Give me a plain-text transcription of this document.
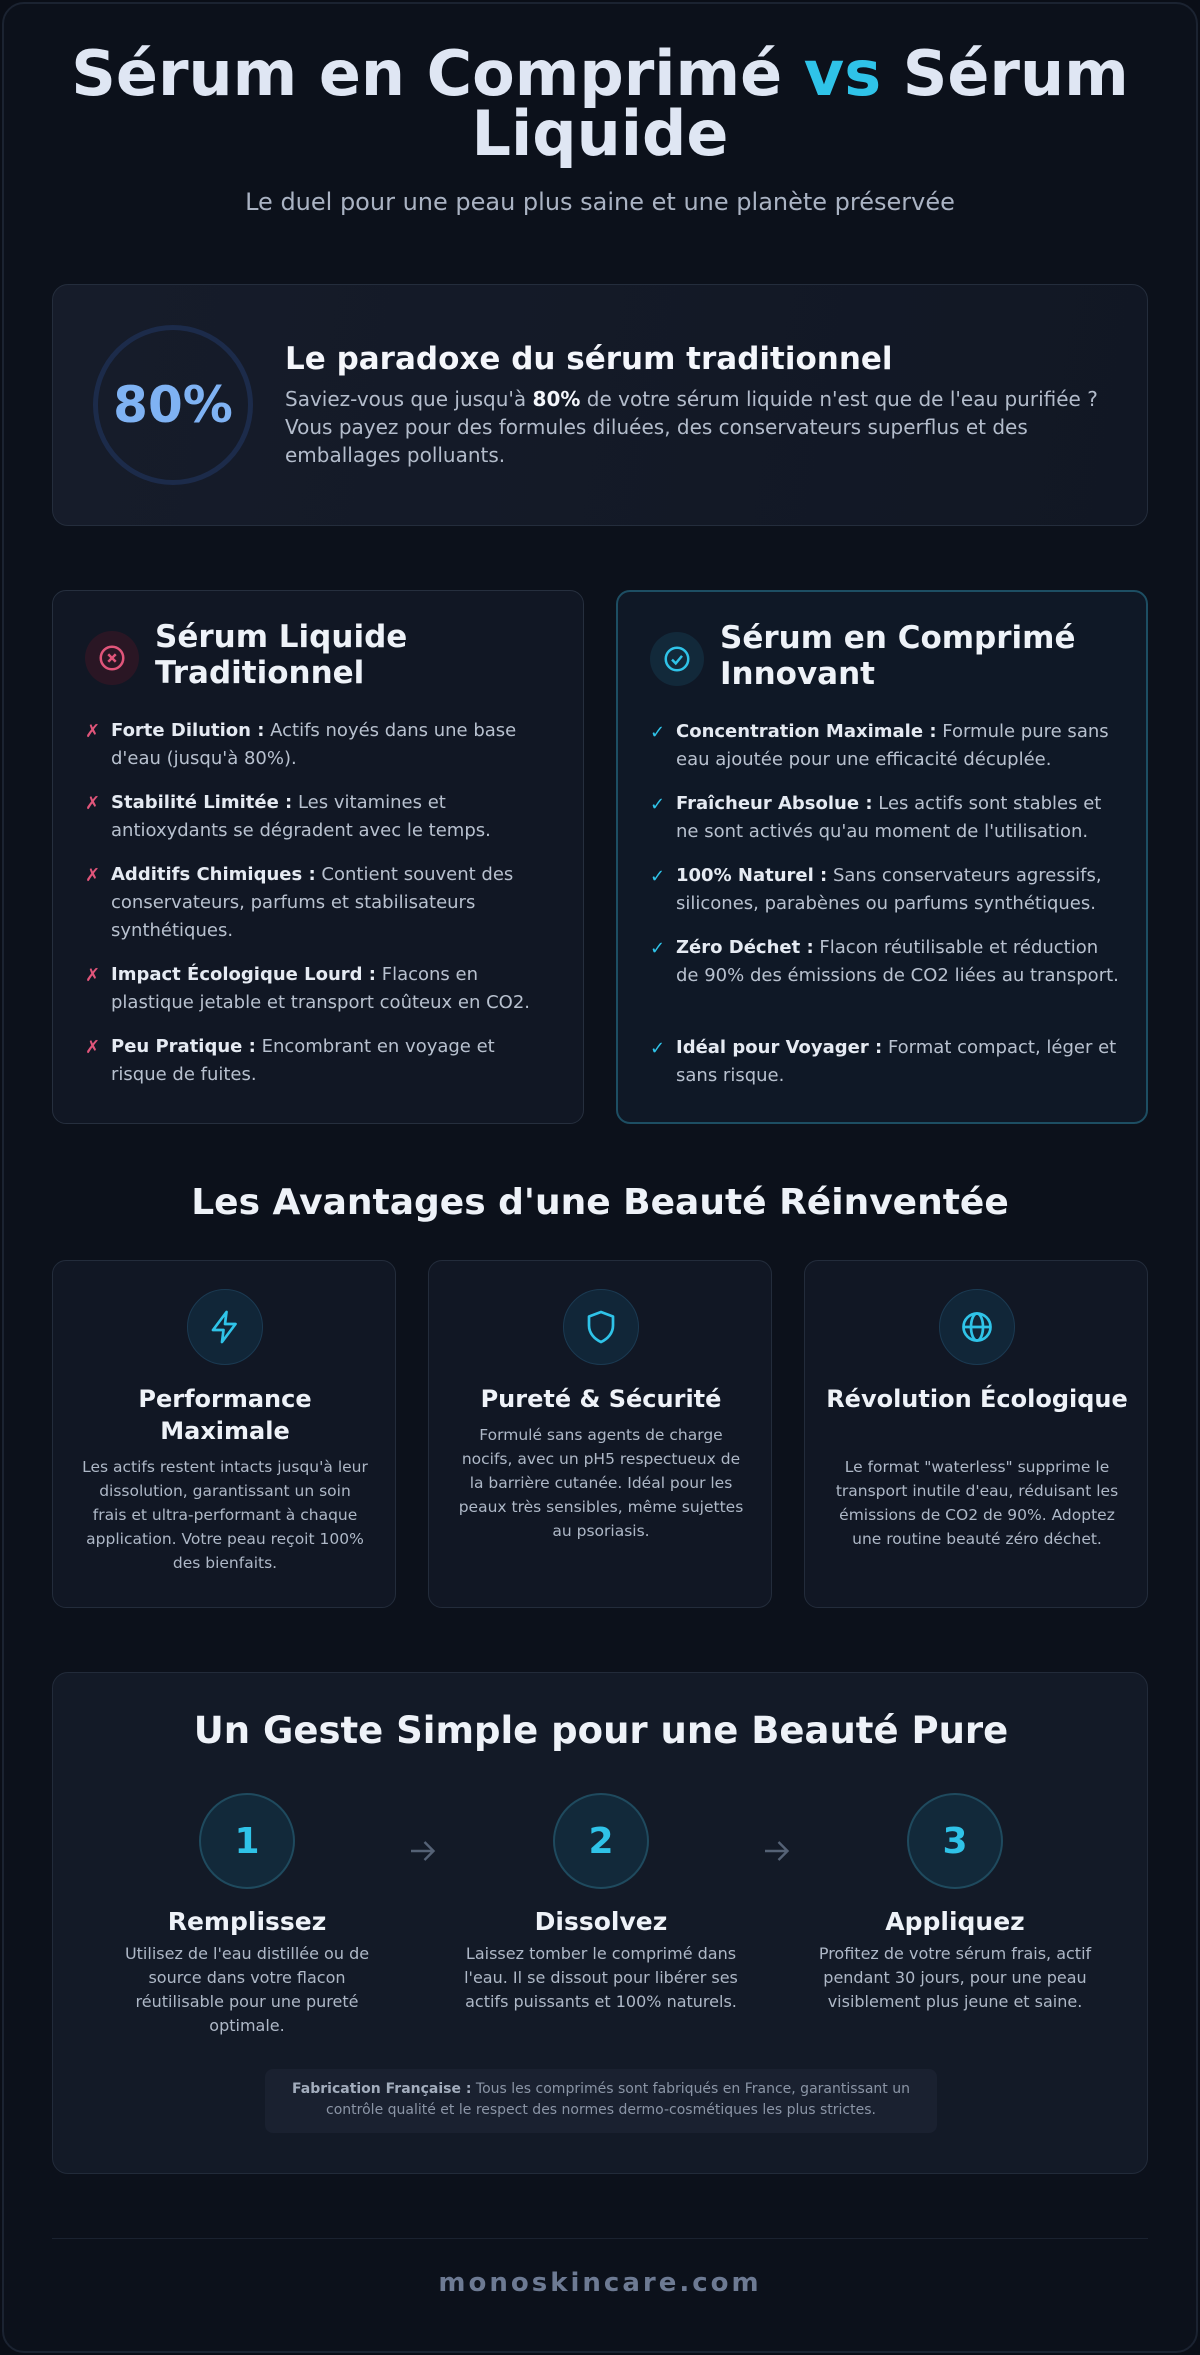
Sérum en Comprimé vs Sérum
Liquide
Le duel pour une peau plus saine et une planète préservée
80%
Le paradoxe du sérum traditionnel

Saviez-vous que jusqu'à 80% de votre sérum liquide n'est que de l'eau purifiée ? Vous payez pour des formules diluées, des conservateurs superflus et des emballages polluants.

Sérum Liquide Traditionnel
✗ Forte Dilution : Actifs noyés dans une base d'eau (jusqu'à 80%).
✗ Stabilité Limitée : Les vitamines et antioxydants se dégradent avec le temps.
✗ Additifs Chimiques : Contient souvent des conservateurs, parfums et stabilisateurs synthétiques.
✗ Impact Écologique Lourd : Flacons en plastique jetable et transport coûteux en CO2.
✗ Peu Pratique : Encombrant en voyage et risque de fuites.
Sérum en Comprimé Innovant
✓ Concentration Maximale : Formule pure sans eau ajoutée pour une efficacité décuplée.
✓ Fraîcheur Absolue : Les actifs sont stables et ne sont activés qu'au moment de l'utilisation.
✓ 100% Naturel : Sans conservateurs agressifs, silicones, parabènes ou parfums synthétiques.
✓ Zéro Déchet : Flacon réutilisable et réduction de 90% des émissions de CO2 liées au transport.
✓ Idéal pour Voyager : Format compact, léger et sans risque.
Les Avantages d'une Beauté Réinventée
Performance Maximale

Les actifs restent intacts jusqu'à leur dissolution, garantissant un soin frais et ultra-performant à chaque application. Votre peau reçoit 100% des bienfaits.

Pureté & Sécurité

Formulé sans agents de charge nocifs, avec un pH5 respectueux de la barrière cutanée. Idéal pour les peaux très sensibles, même sujettes au psoriasis.

Révolution Écologique

Le format "waterless" supprime le transport inutile d'eau, réduisant les émissions de CO2 de 90%. Adoptez une routine beauté zéro déchet.

Un Geste Simple pour une Beauté Pure
1
Remplissez

Utilisez de l'eau distillée ou de source dans votre flacon réutilisable pour une pureté optimale.

2
Dissolvez

Laissez tomber le comprimé dans l'eau. Il se dissout pour libérer ses actifs puissants et 100% naturels.

3
Appliquez

Profitez de votre sérum frais, actif pendant 30 jours, pour une peau visiblement plus jeune et saine.

Fabrication Française : Tous les comprimés sont fabriqués en France, garantissant un contrôle qualité et le respect des normes dermo-cosmétiques les plus strictes.
monoskincare.com
